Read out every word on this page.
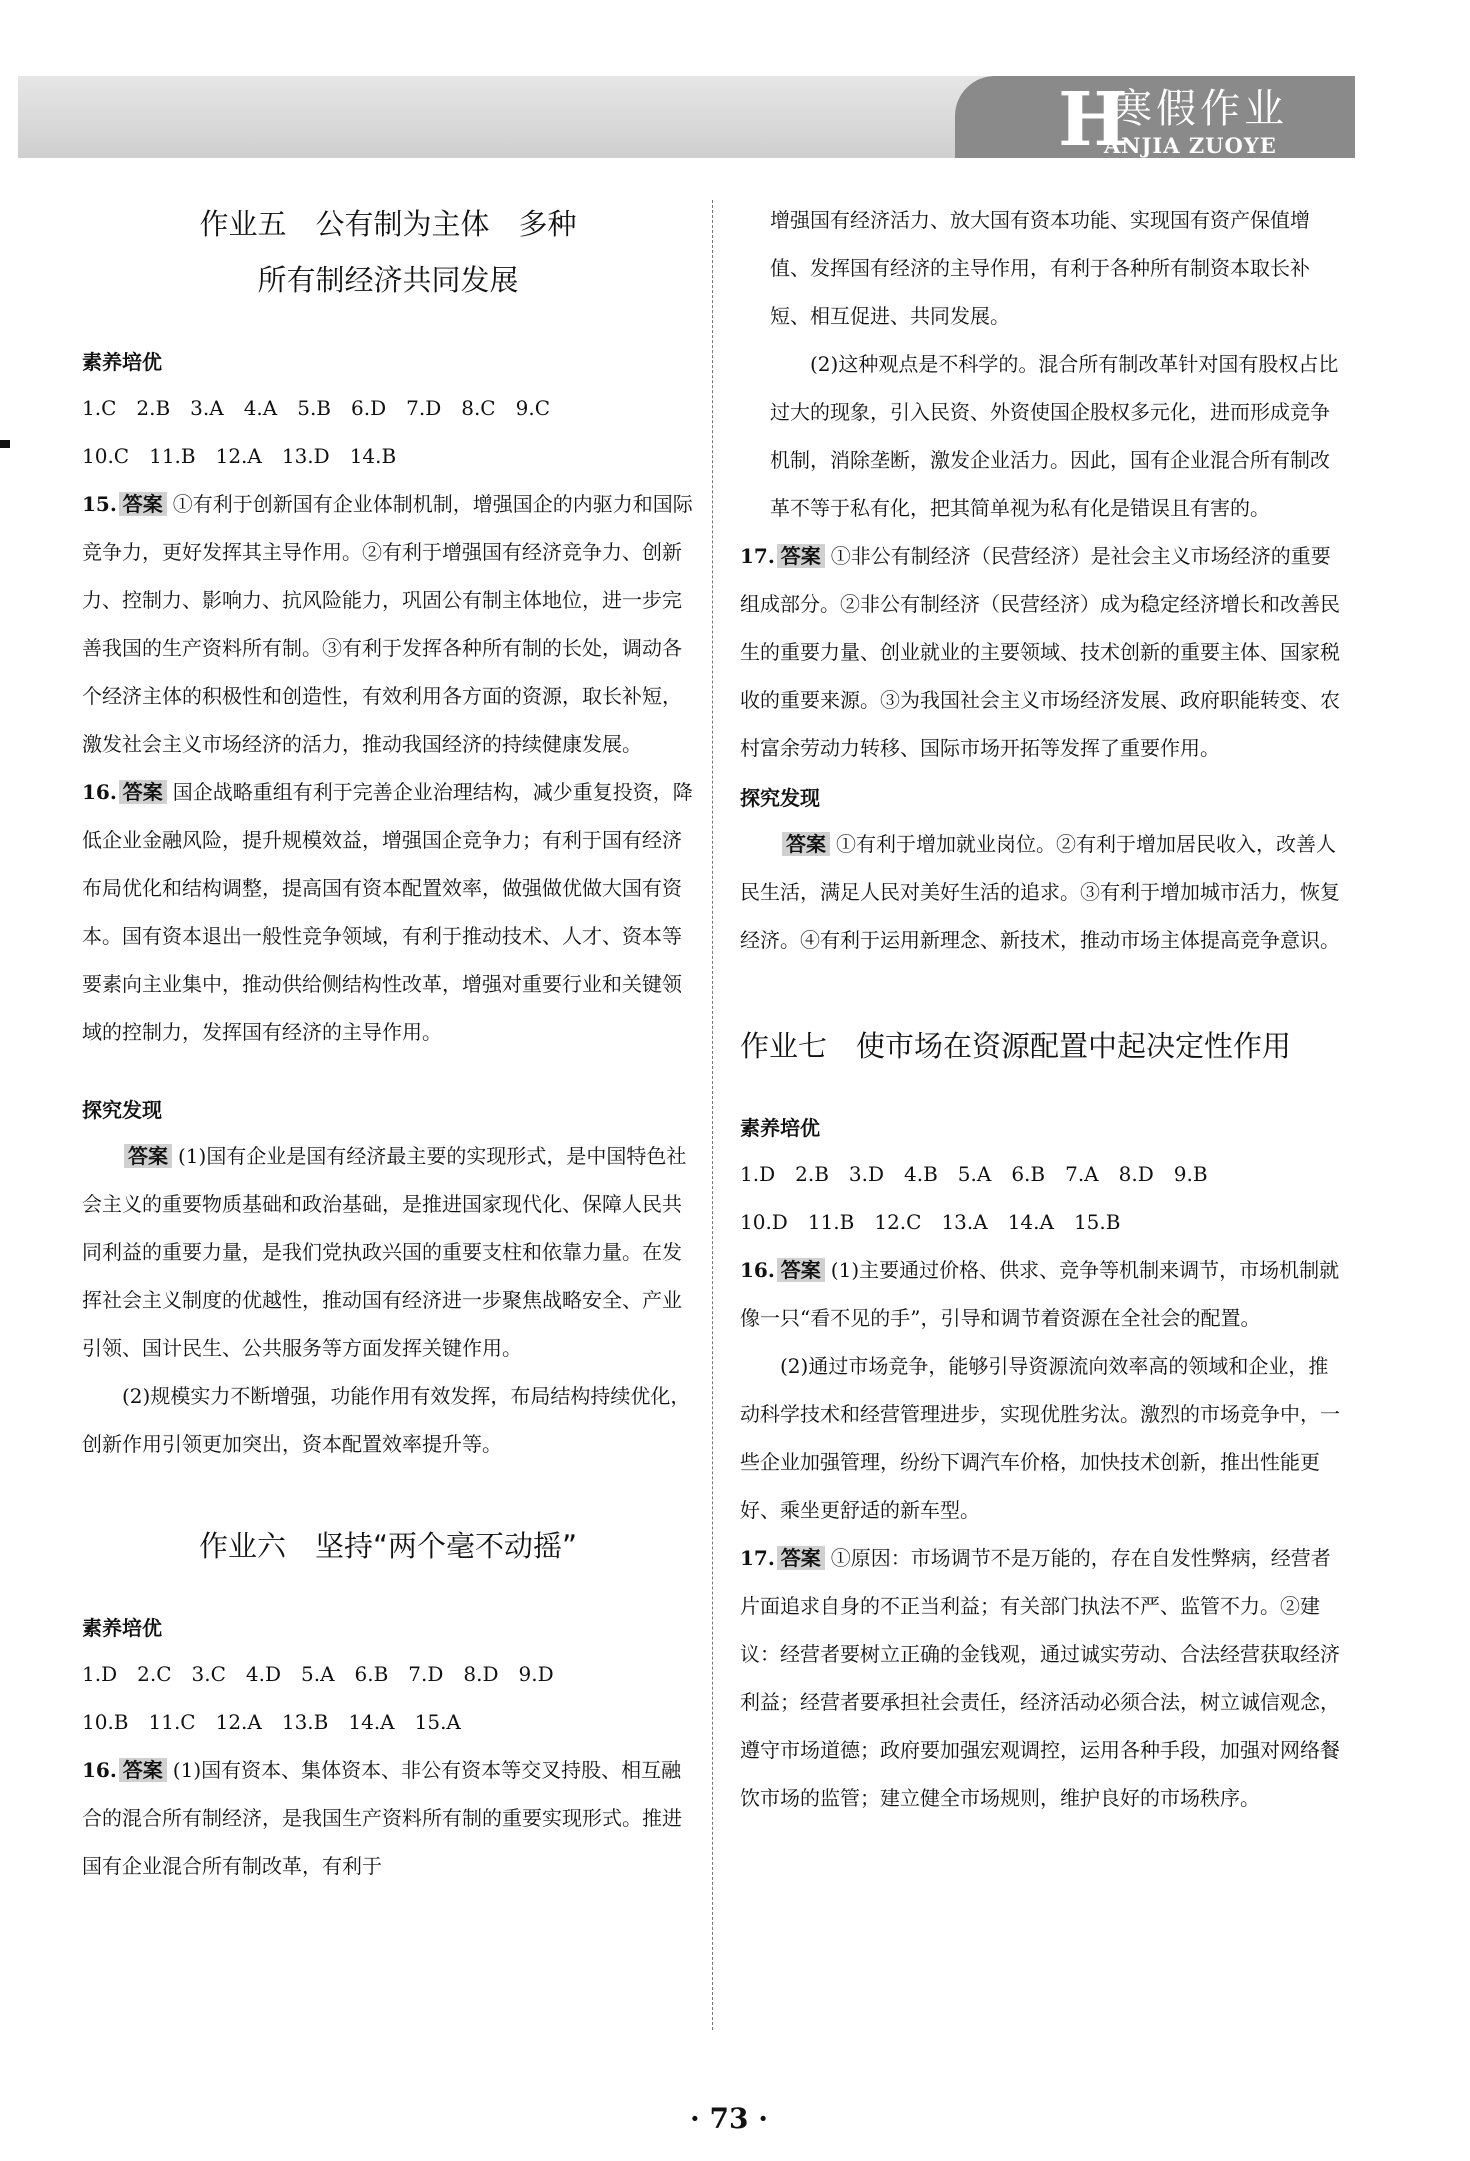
H
寒假作业
ANJIA ZUOYE

作业五　公有制为主体　多种

所有制经济共同发展

素养培优

1.C　2.B　3.A　4.A　5.B　6.D　7.D　8.C　9.C

10.C　11.B　12.A　13.D　14.B

15. 答案 ①有利于创新国有企业体制机制，增强国企的内驱力和国际竞争力，更好发挥其主导作用。②有利于增强国有经济竞争力、创新力、控制力、影响力、抗风险能力，巩固公有制主体地位，进一步完善我国的生产资料所有制。③有利于发挥各种所有制的长处，调动各个经济主体的积极性和创造性，有效利用各方面的资源，取长补短，激发社会主义市场经济的活力，推动我国经济的持续健康发展。

16. 答案 国企战略重组有利于完善企业治理结构，减少重复投资，降低企业金融风险，提升规模效益，增强国企竞争力；有利于国有经济布局优化和结构调整，提高国有资本配置效率，做强做优做大国有资本。国有资本退出一般性竞争领域，有利于推动技术、人才、资本等要素向主业集中，推动供给侧结构性改革，增强对重要行业和关键领域的控制力，发挥国有经济的主导作用。

探究发现

答案 (1)国有企业是国有经济最主要的实现形式，是中国特色社会主义的重要物质基础和政治基础，是推进国家现代化、保障人民共同利益的重要力量，是我们党执政兴国的重要支柱和依靠力量。在发挥社会主义制度的优越性，推动国有经济进一步聚焦战略安全、产业引领、国计民生、公共服务等方面发挥关键作用。

(2)规模实力不断增强，功能作用有效发挥，布局结构持续优化，创新作用引领更加突出，资本配置效率提升等。

作业六　坚持“两个毫不动摇”

素养培优

1.D　2.C　3.C　4.D　5.A　6.B　7.D　8.D　9.D

10.B　11.C　12.A　13.B　14.A　15.A

16. 答案 (1)国有资本、集体资本、非公有资本等交叉持股、相互融合的混合所有制经济，是我国生产资料所有制的重要实现形式。推进国有企业混合所有制改革，有利于

增强国有经济活力、放大国有资本功能、实现国有资产保值增值、发挥国有经济的主导作用，有利于各种所有制资本取长补短、相互促进、共同发展。

(2)这种观点是不科学的。混合所有制改革针对国有股权占比过大的现象，引入民资、外资使国企股权多元化，进而形成竞争机制，消除垄断，激发企业活力。因此，国有企业混合所有制改革不等于私有化，把其简单视为私有化是错误且有害的。

17. 答案 ①非公有制经济（民营经济）是社会主义市场经济的重要组成部分。②非公有制经济（民营经济）成为稳定经济增长和改善民生的重要力量、创业就业的主要领域、技术创新的重要主体、国家税收的重要来源。③为我国社会主义市场经济发展、政府职能转变、农村富余劳动力转移、国际市场开拓等发挥了重要作用。

探究发现

答案 ①有利于增加就业岗位。②有利于增加居民收入，改善人民生活，满足人民对美好生活的追求。③有利于增加城市活力，恢复经济。④有利于运用新理念、新技术，推动市场主体提高竞争意识。

作业七　使市场在资源配置中起决定性作用

素养培优

1.D　2.B　3.D　4.B　5.A　6.B　7.A　8.D　9.B

10.D　11.B　12.C　13.A　14.A　15.B

16. 答案 (1)主要通过价格、供求、竞争等机制来调节，市场机制就像一只“看不见的手”，引导和调节着资源在全社会的配置。

(2)通过市场竞争，能够引导资源流向效率高的领域和企业，推动科学技术和经营管理进步，实现优胜劣汰。激烈的市场竞争中，一些企业加强管理，纷纷下调汽车价格，加快技术创新，推出性能更好、乘坐更舒适的新车型。

17. 答案 ①原因：市场调节不是万能的，存在自发性弊病，经营者片面追求自身的不正当利益；有关部门执法不严、监管不力。②建议：经营者要树立正确的金钱观，通过诚实劳动、合法经营获取经济利益；经营者要承担社会责任，经济活动必须合法，树立诚信观念，遵守市场道德；政府要加强宏观调控，运用各种手段，加强对网络餐饮市场的监管；建立健全市场规则，维护良好的市场秩序。

· 73 ·
